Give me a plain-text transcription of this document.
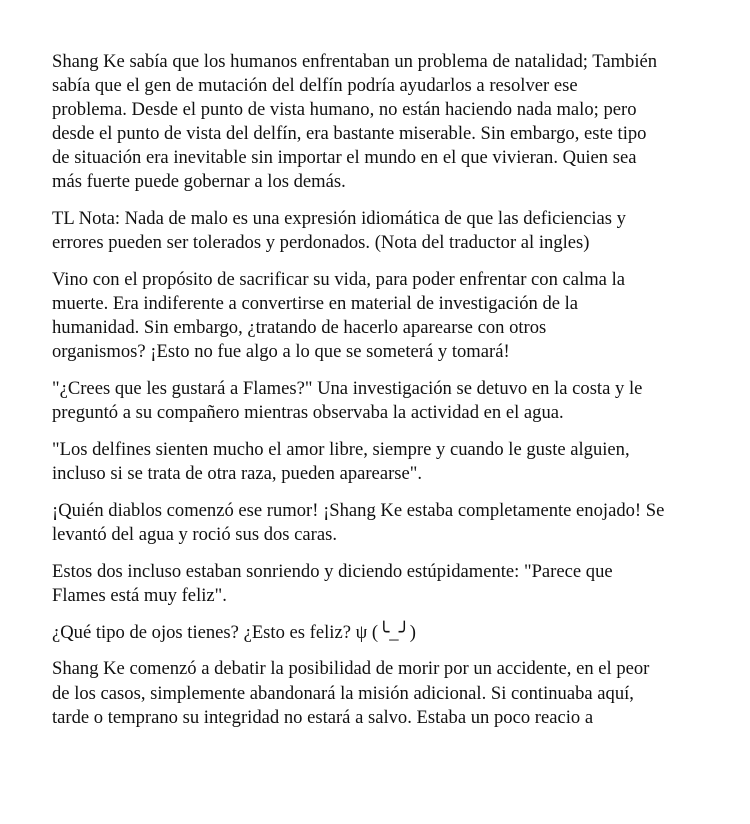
Shang Ke sabía que los humanos enfrentaban un problema de natalidad; También
sabía que el gen de mutación del delfín podría ayudarlos a resolver ese
problema. Desde el punto de vista humano, no están haciendo nada malo; pero
desde el punto de vista del delfín, era bastante miserable. Sin embargo, este tipo
de situación era inevitable sin importar el mundo en el que vivieran. Quien sea
más fuerte puede gobernar a los demás.

TL Nota: Nada de malo es una expresión idiomática de que las deficiencias y
errores pueden ser tolerados y perdonados. (Nota del traductor al ingles)

Vino con el propósito de sacrificar su vida, para poder enfrentar con calma la
muerte. Era indiferente a convertirse en material de investigación de la
humanidad. Sin embargo, ¿tratando de hacerlo aparearse con otros
organismos? ¡Esto no fue algo a lo que se someterá y tomará!

"¿Crees que les gustará a Flames?" Una investigación se detuvo en la costa y le
preguntó a su compañero mientras observaba la actividad en el agua.

"Los delfines sienten mucho el amor libre, siempre y cuando le guste alguien,
incluso si se trata de otra raza, pueden aparearse".

¡Quién diablos comenzó ese rumor! ¡Shang Ke estaba completamente enojado! Se
levantó del agua y roció sus dos caras.

Estos dos incluso estaban sonriendo y diciendo estúpidamente: "Parece que
Flames está muy feliz".

¿Qué tipo de ojos tienes? ¿Esto es feliz? ψ (╰_╯)

Shang Ke comenzó a debatir la posibilidad de morir por un accidente, en el peor
de los casos, simplemente abandonará la misión adicional. Si continuaba aquí,
tarde o temprano su integridad no estará a salvo. Estaba un poco reacio a
